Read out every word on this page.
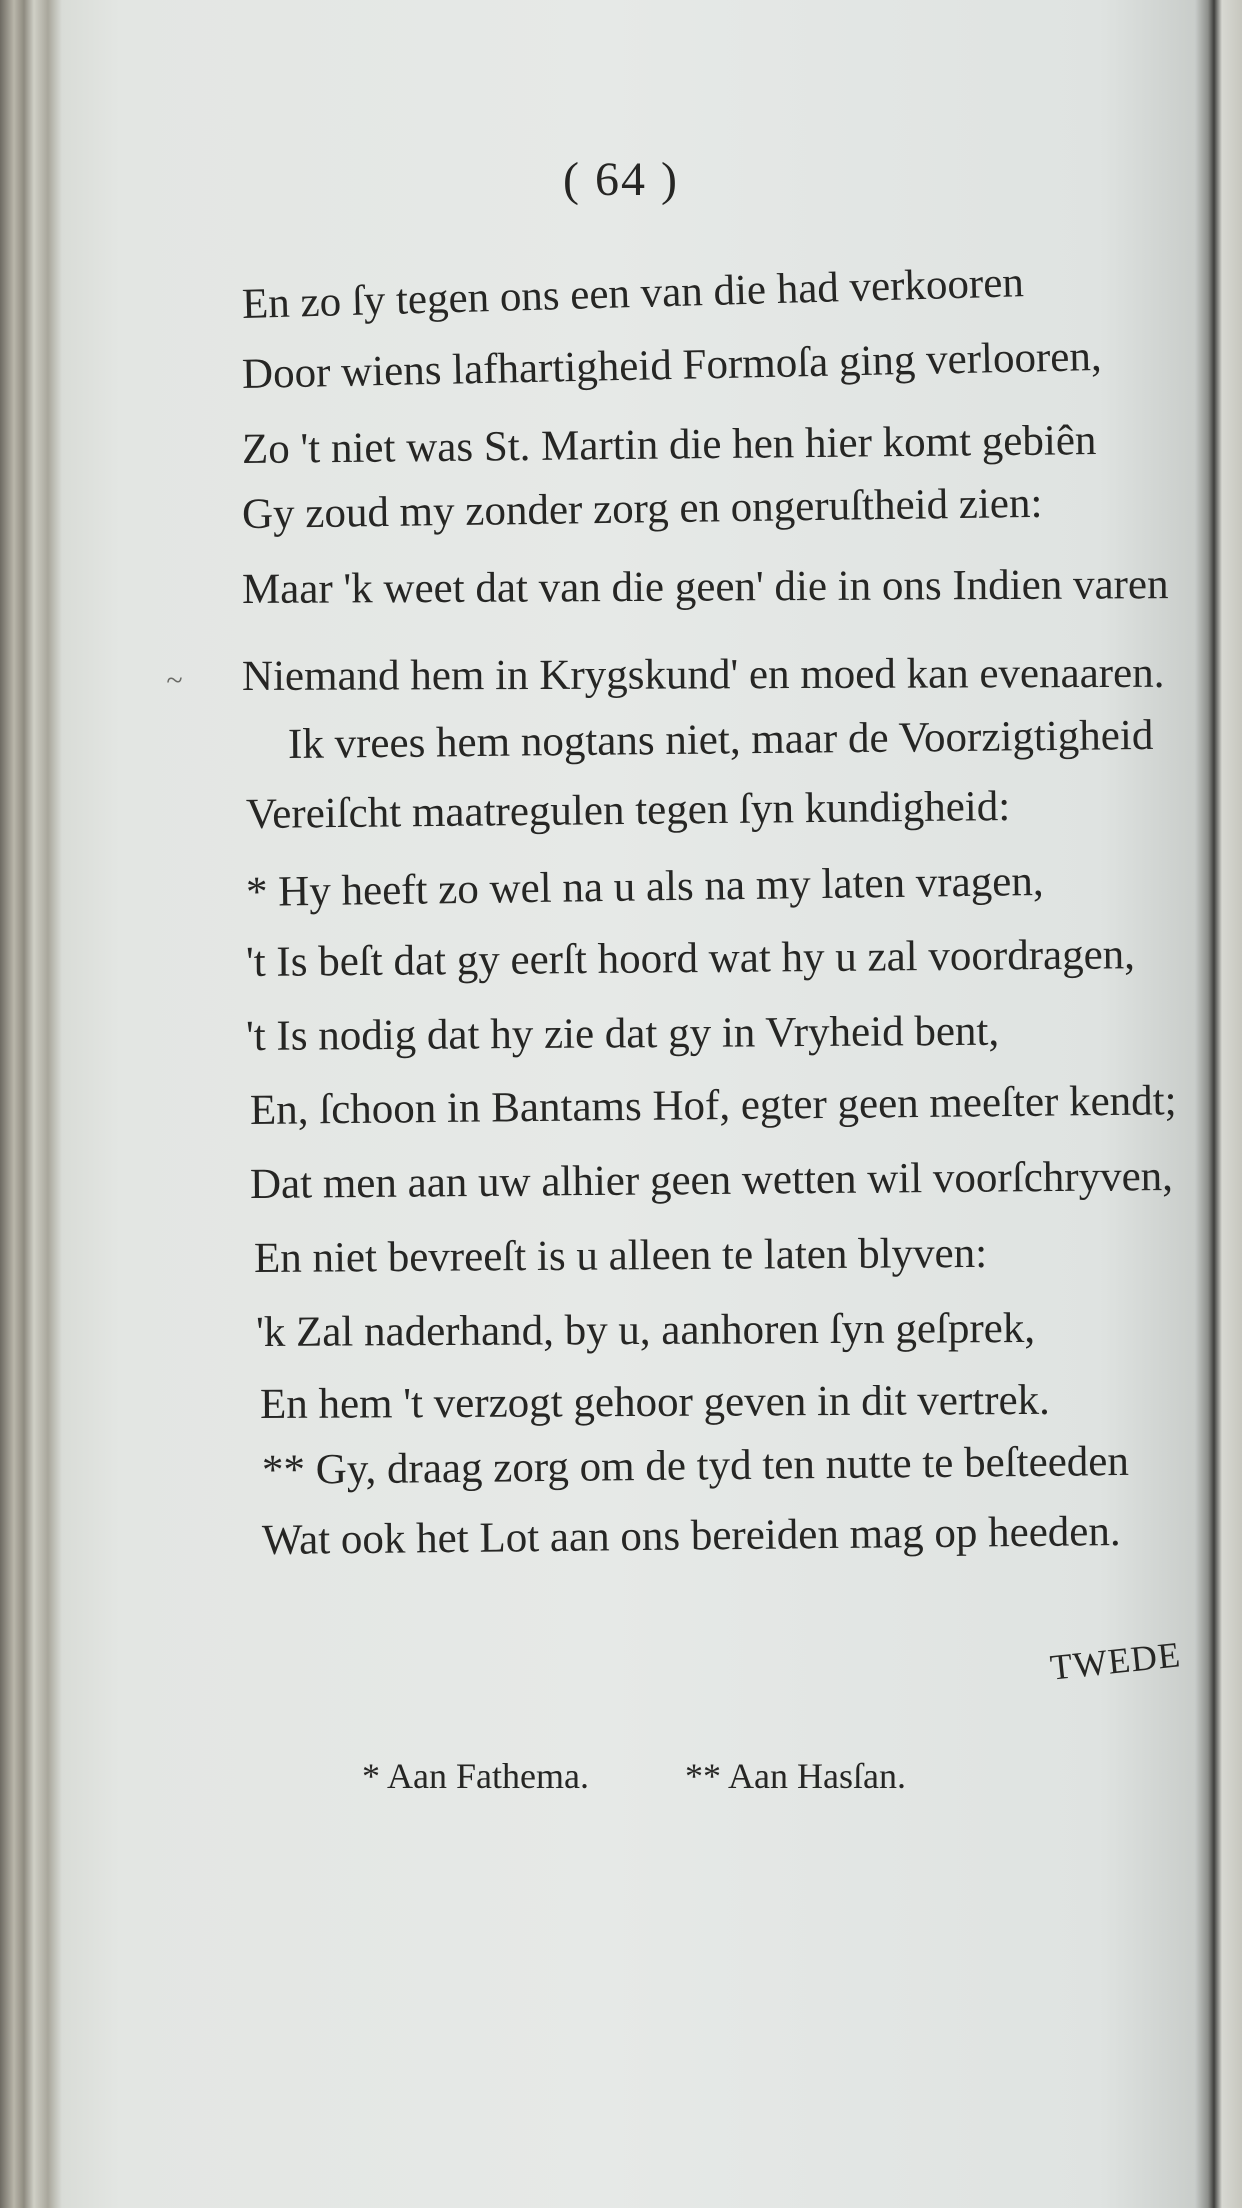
( 64 )
En zo ſy tegen ons een van die had verkooren
Door wiens lafhartigheid Formoſa ging verlooren,
Zo 't niet was St. Martin die hen hier komt gebiên
Gy zoud my zonder zorg en ongeruſtheid zien:
Maar 'k weet dat van die geen' die in ons Indien varen
Niemand hem in Krygskund' en moed kan evenaaren.
Ik vrees hem nogtans niet, maar de Voorzigtigheid
Vereiſcht maatregulen tegen ſyn kundigheid:
* Hy heeft zo wel na u als na my laten vragen,
't Is beſt dat gy eerſt hoord wat hy u zal voordragen,
't Is nodig dat hy zie dat gy in Vryheid bent,
En, ſchoon in Bantams Hof, egter geen meeſter kendt;
Dat men aan uw alhier geen wetten wil voorſchryven,
En niet bevreeſt is u alleen te laten blyven:
'k Zal naderhand, by u, aanhoren ſyn geſprek,
En hem 't verzogt gehoor geven in dit vertrek.
** Gy, draag zorg om de tyd ten nutte te beſteeden
Wat ook het Lot aan ons bereiden mag op heeden.
~
TWEDE
* Aan Fathema.	** Aan Hasſan.
